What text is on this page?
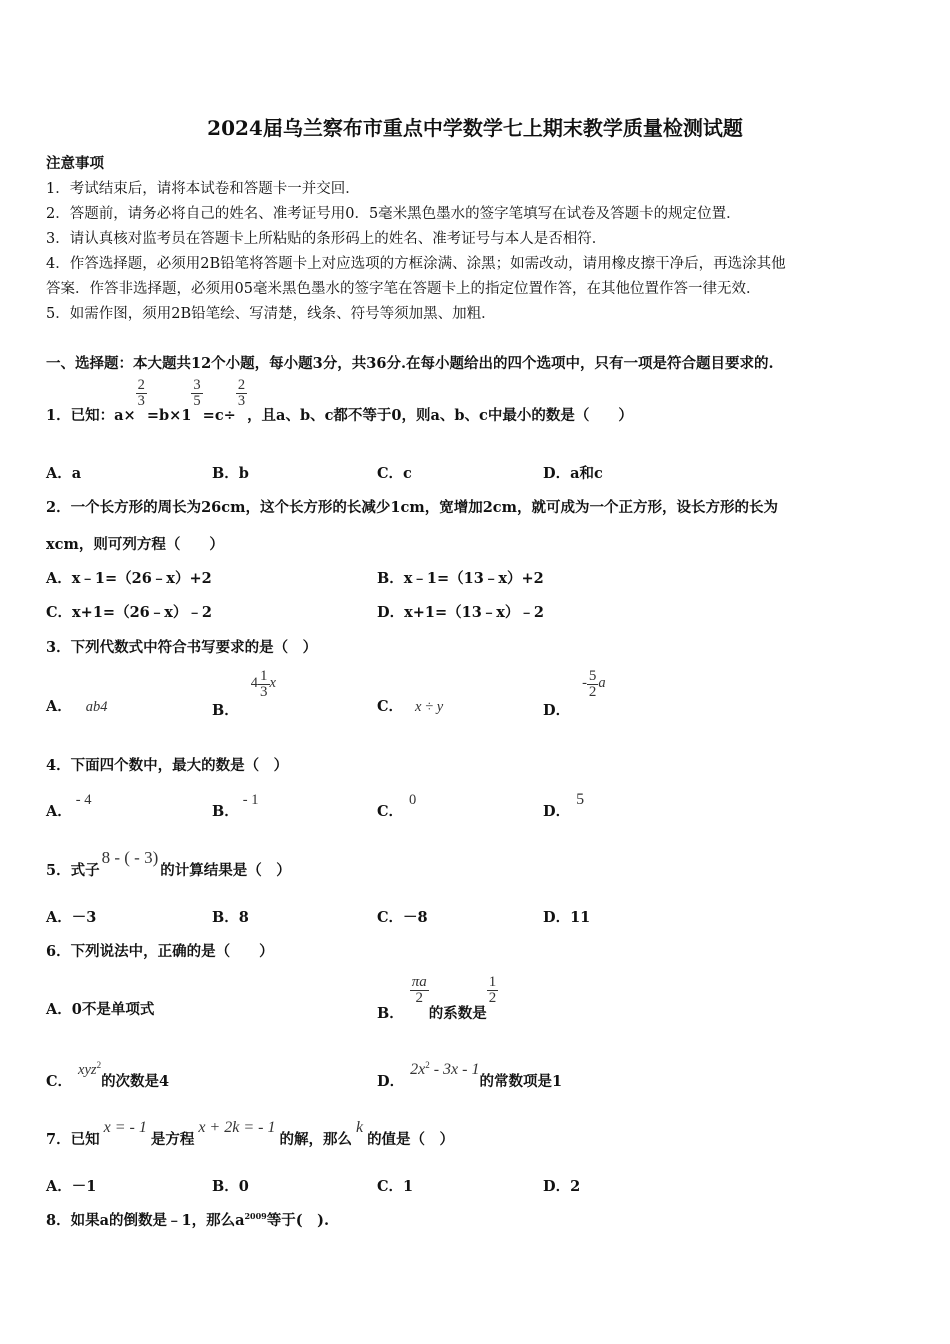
2024届乌兰察布市重点中学数学七上期末教学质量检测试题
注意事项
1．考试结束后，请将本试卷和答题卡一并交回．
2．答题前，请务必将自己的姓名、准考证号用0．5毫米黑色墨水的签字笔填写在试卷及答题卡的规定位置．
3．请认真核对监考员在答题卡上所粘贴的条形码上的姓名、准考证号与本人是否相符．
4．作答选择题，必须用2B铅笔将答题卡上对应选项的方框涂满、涂黑；如需改动，请用橡皮擦干净后，再选涂其他
答案．作答非选择题，必须用05毫米黑色墨水的签字笔在答题卡上的指定位置作答，在其他位置作答一律无效．
5．如需作图，须用2B铅笔绘、写清楚，线条、符号等须加黑、加粗．
一、选择题：本大题共12个小题，每小题3分，共36分.在每小题给出的四个选项中，只有一项是符合题目要求的.
1．已知：a×
$\frac{2}{3}$
=b×1
$\frac{3}{5}$
=c÷
$\frac{2}{3}$
，且a、b、c都不等于0，则a、b、c中最小的数是（　　）
A．a	B．b	C．c	D．a和c
2．一个长方形的周长为26cm，这个长方形的长减少1cm，宽增加2cm，就可成为一个正方形，设长方形的长为
xcm，则可列方程（　　）
A．x﹣1=（26﹣x）+2	B．x﹣1=（13﹣x）+2
C．x+1=（26﹣x）﹣2	D．x+1=（13﹣x）﹣2
3．下列代数式中符合书写要求的是（　）
A． ab4	B．$4 \frac{1}{3}$ x
C． x ÷ y	D．- $\frac{5}{2}$ a
4．下面四个数中，最大的数是（　）
A．- 4
B．- 1
C．0
D．5
5．式子8 - ( - 3)的计算结果是（　）
A．－3	B．8	C．－8	D．11
6．下列说法中，正确的是（　　）
A．0不是单项式	B．
$\frac{\pi a}{2}$
的系数是
$\frac{1}{2}$
C．xyz$^2$的次数是4	D．$2x^2 - 3x - 1$的常数项是1
7．已知x = - 1是方程x + 2k = - 1的解，那么k的值是（　）
A．－1	B．0	C．1	D．2
8．如果a的倒数是﹣1，那么$a^{2009}$等于(　).
